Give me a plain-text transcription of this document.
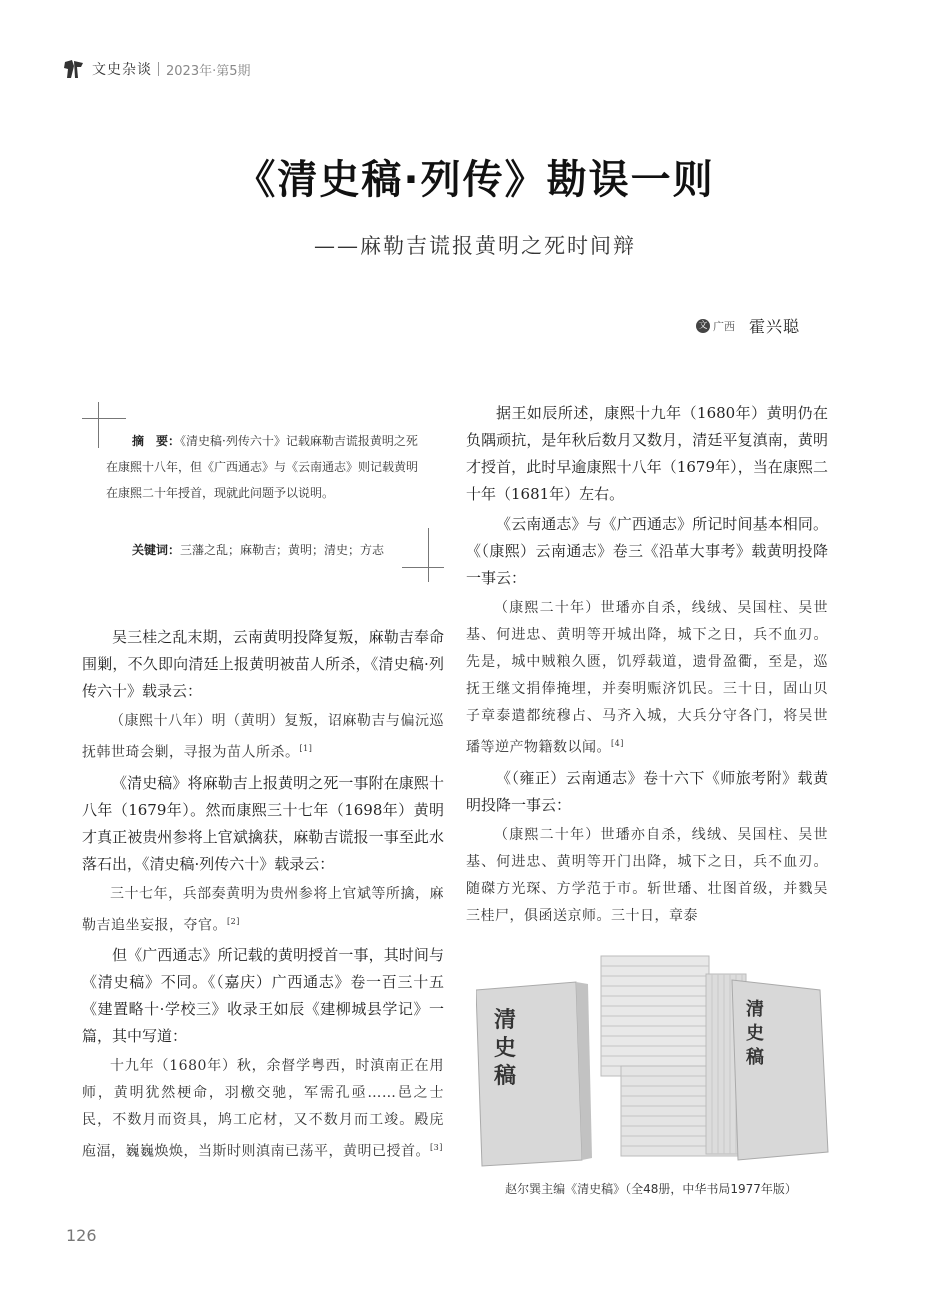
文史杂谈 2023年·第5期
《清史稿·列传》勘误一则
——麻勒吉谎报黄明之死时间辩
文 广西 霍兴聪
摘　要：《清史稿·列传六十》记载麻勒吉谎报黄明之死在康熙十八年，但《广西通志》与《云南通志》则记载黄明在康熙二十年授首，现就此问题予以说明。
关键词：三藩之乱；麻勒吉；黄明；清史；方志

吴三桂之乱末期，云南黄明投降复叛，麻勒吉奉命围剿，不久即向清廷上报黄明被苗人所杀，《清史稿·列传六十》载录云：

（康熙十八年）明（黄明）复叛，诏麻勒吉与偏沅巡抚韩世琦会剿，寻报为苗人所杀。[1]

《清史稿》将麻勒吉上报黄明之死一事附在康熙十八年（1679年）。然而康熙三十七年（1698年）黄明才真正被贵州参将上官斌擒获，麻勒吉谎报一事至此水落石出，《清史稿·列传六十》载录云：

三十七年，兵部奏黄明为贵州参将上官斌等所擒，麻勒吉追坐妄报，夺官。[2]

但《广西通志》所记载的黄明授首一事，其时间与《清史稿》不同。《（嘉庆）广西通志》卷一百三十五《建置略十·学校三》收录王如辰《建柳城县学记》一篇，其中写道：

十九年（1680年）秋，余督学粤西，时滇南正在用师，黄明犹然梗命，羽檄交驰，军需孔亟……邑之士民，不数月而资具，鸠工庀材，又不数月而工竣。殿庑庖湢，巍巍焕焕，当斯时则滇南已荡平，黄明已授首。[3]

据王如辰所述，康熙十九年（1680年）黄明仍在负隅顽抗，是年秋后数月又数月，清廷平复滇南，黄明才授首，此时早逾康熙十八年（1679年），当在康熙二十年（1681年）左右。

《云南通志》与《广西通志》所记时间基本相同。《（康熙）云南通志》卷三《沿革大事考》载黄明投降一事云：

（康熙二十年）世璠亦自杀，线绒、吴国柱、吴世基、何进忠、黄明等开城出降，城下之日，兵不血刃。先是，城中贼粮久匮，饥殍载道，遗骨盈衢，至是，巡抚王继文捐俸掩埋，并奏明赈济饥民。三十日，固山贝子章泰遣都统穆占、马齐入城，大兵分守各门，将吴世璠等逆产物籍数以闻。[4]

《（雍正）云南通志》卷十六下《师旅考附》载黄明投降一事云：

（康熙二十年）世璠亦自杀，线绒、吴国柱、吴世基、何进忠、黄明等开门出降，城下之日，兵不血刃。随磔方光琛、方学范于市。斩世璠、壮图首级，并戮吴三桂尸，俱函送京师。三十日，章泰

清史稿
清史稿
赵尔巽主编《清史稿》（全48册，中华书局1977年版）
126
